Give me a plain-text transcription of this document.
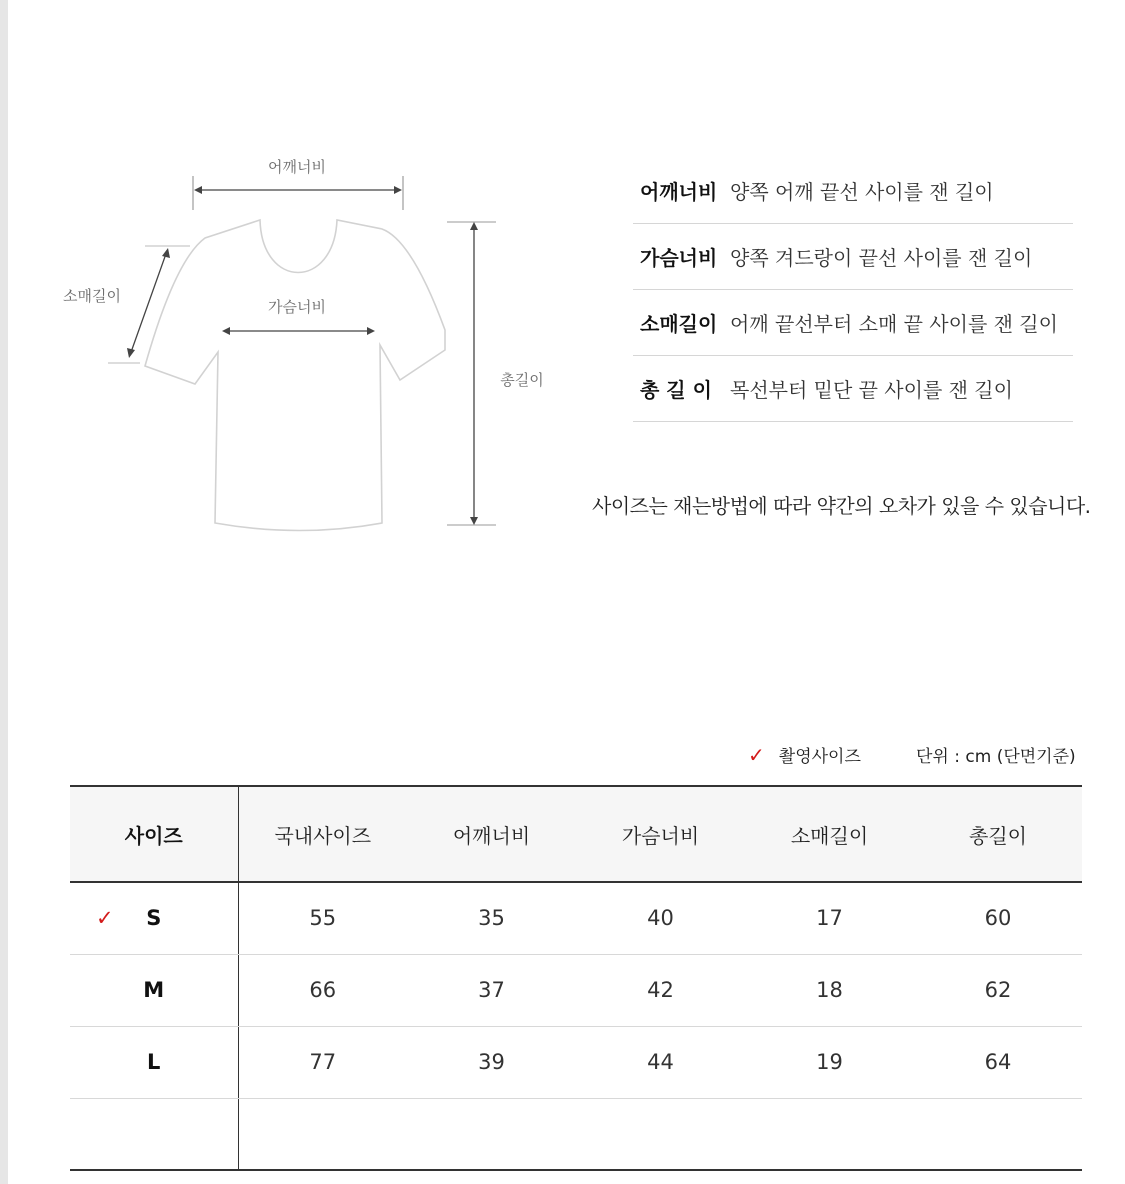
어깨너비
가슴너비
소매길이
총길이
어깨너비 양쪽 어깨 끝선 사이를 잰 길이
가슴너비 양쪽 겨드랑이 끝선 사이를 잰 길이
소매길이 어깨 끝선부터 소매 끝 사이를 잰 길이
총 길 이 목선부터 밑단 끝 사이를 잰 길이
사이즈는 재는방법에 따라 약간의 오차가 있을 수 있습니다.
✓ 촬영사이즈	단위 : cm (단면기준)
사이즈	국내사이즈	어깨너비	가슴너비	소매길이	총길이

✓ S	55	35	40	17	60
M	66	37	42	18	62
L	77	39	44	19	64
